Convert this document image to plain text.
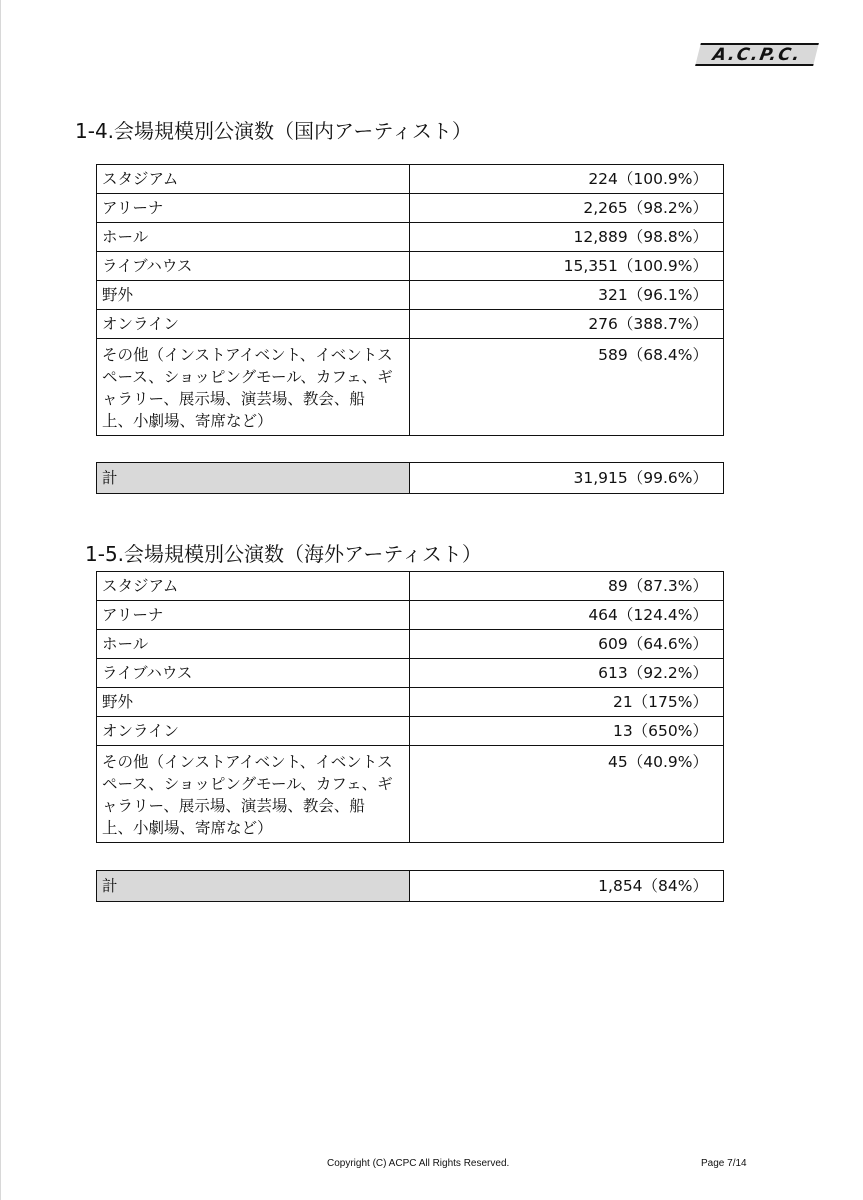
A.C.P.C.
1-4.会場規模別公演数（国内アーティスト）
スタジアム	224（100.9%）
アリーナ	2,265（98.2%）
ホール	12,889（98.8%）
ライブハウス	15,351（100.9%）
野外	321（96.1%）
オンライン	276（388.7%）
その他（インストアイベント、イベントスペース、ショッピングモール、カフェ、ギャラリー、展示場、演芸場、教会、船上、小劇場、寄席など）	589（68.4%）
計	31,915（99.6%）
1-5.会場規模別公演数（海外アーティスト）
スタジアム	89（87.3%）
アリーナ	464（124.4%）
ホール	609（64.6%）
ライブハウス	613（92.2%）
野外	21（175%）
オンライン	13（650%）
その他（インストアイベント、イベントスペース、ショッピングモール、カフェ、ギャラリー、展示場、演芸場、教会、船上、小劇場、寄席など）	45（40.9%）
計	1,854（84%）
Copyright (C) ACPC All Rights Reserved.	Page 7/14
